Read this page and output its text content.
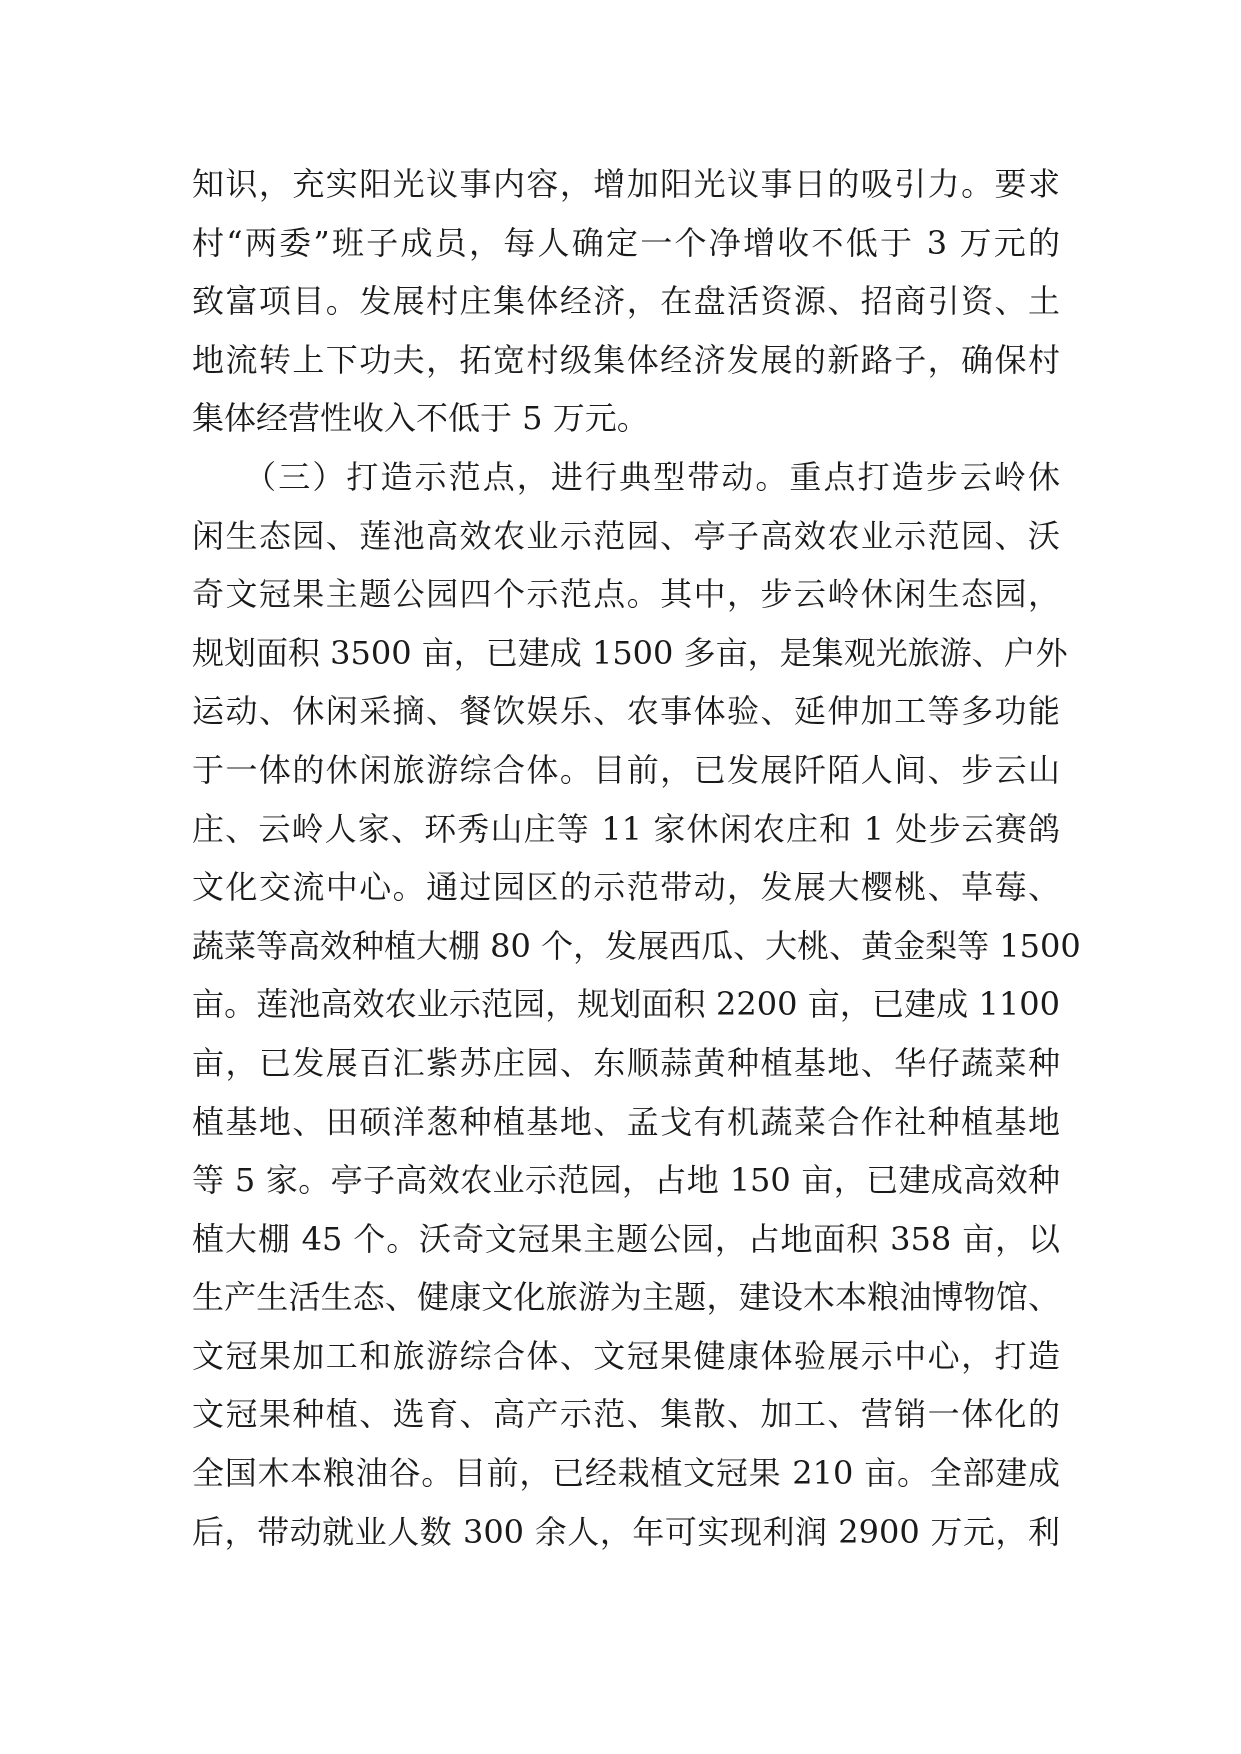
知识，充实阳光议事内容，增加阳光议事日的吸引力。要求
村“两委”班子成员，每人确定一个净增收不低于 3 万元的
致富项目。发展村庄集体经济，在盘活资源、招商引资、土
地流转上下功夫，拓宽村级集体经济发展的新路子，确保村
集体经营性收入不低于 5 万元。
　　（三）打造示范点，进行典型带动。重点打造步云岭休
闲生态园、莲池高效农业示范园、亭子高效农业示范园、沃
奇文冠果主题公园四个示范点。其中，步云岭休闲生态园，
规划面积 3500 亩，已建成 1500 多亩，是集观光旅游、户外
运动、休闲采摘、餐饮娱乐、农事体验、延伸加工等多功能
于一体的休闲旅游综合体。目前，已发展阡陌人间、步云山
庄、云岭人家、环秀山庄等 11 家休闲农庄和 1 处步云赛鸽
文化交流中心。通过园区的示范带动，发展大樱桃、草莓、
蔬菜等高效种植大棚 80 个，发展西瓜、大桃、黄金梨等 1500
亩。莲池高效农业示范园，规划面积 2200 亩，已建成 1100
亩，已发展百汇紫苏庄园、东顺蒜黄种植基地、华仔蔬菜种
植基地、田硕洋葱种植基地、孟戈有机蔬菜合作社种植基地
等 5 家。亭子高效农业示范园，占地 150 亩，已建成高效种
植大棚 45 个。沃奇文冠果主题公园，占地面积 358 亩，以
生产生活生态、健康文化旅游为主题，建设木本粮油博物馆、
文冠果加工和旅游综合体、文冠果健康体验展示中心，打造
文冠果种植、选育、高产示范、集散、加工、营销一体化的
全国木本粮油谷。目前，已经栽植文冠果 210 亩。全部建成
后，带动就业人数 300 余人，年可实现利润 2900 万元，利
